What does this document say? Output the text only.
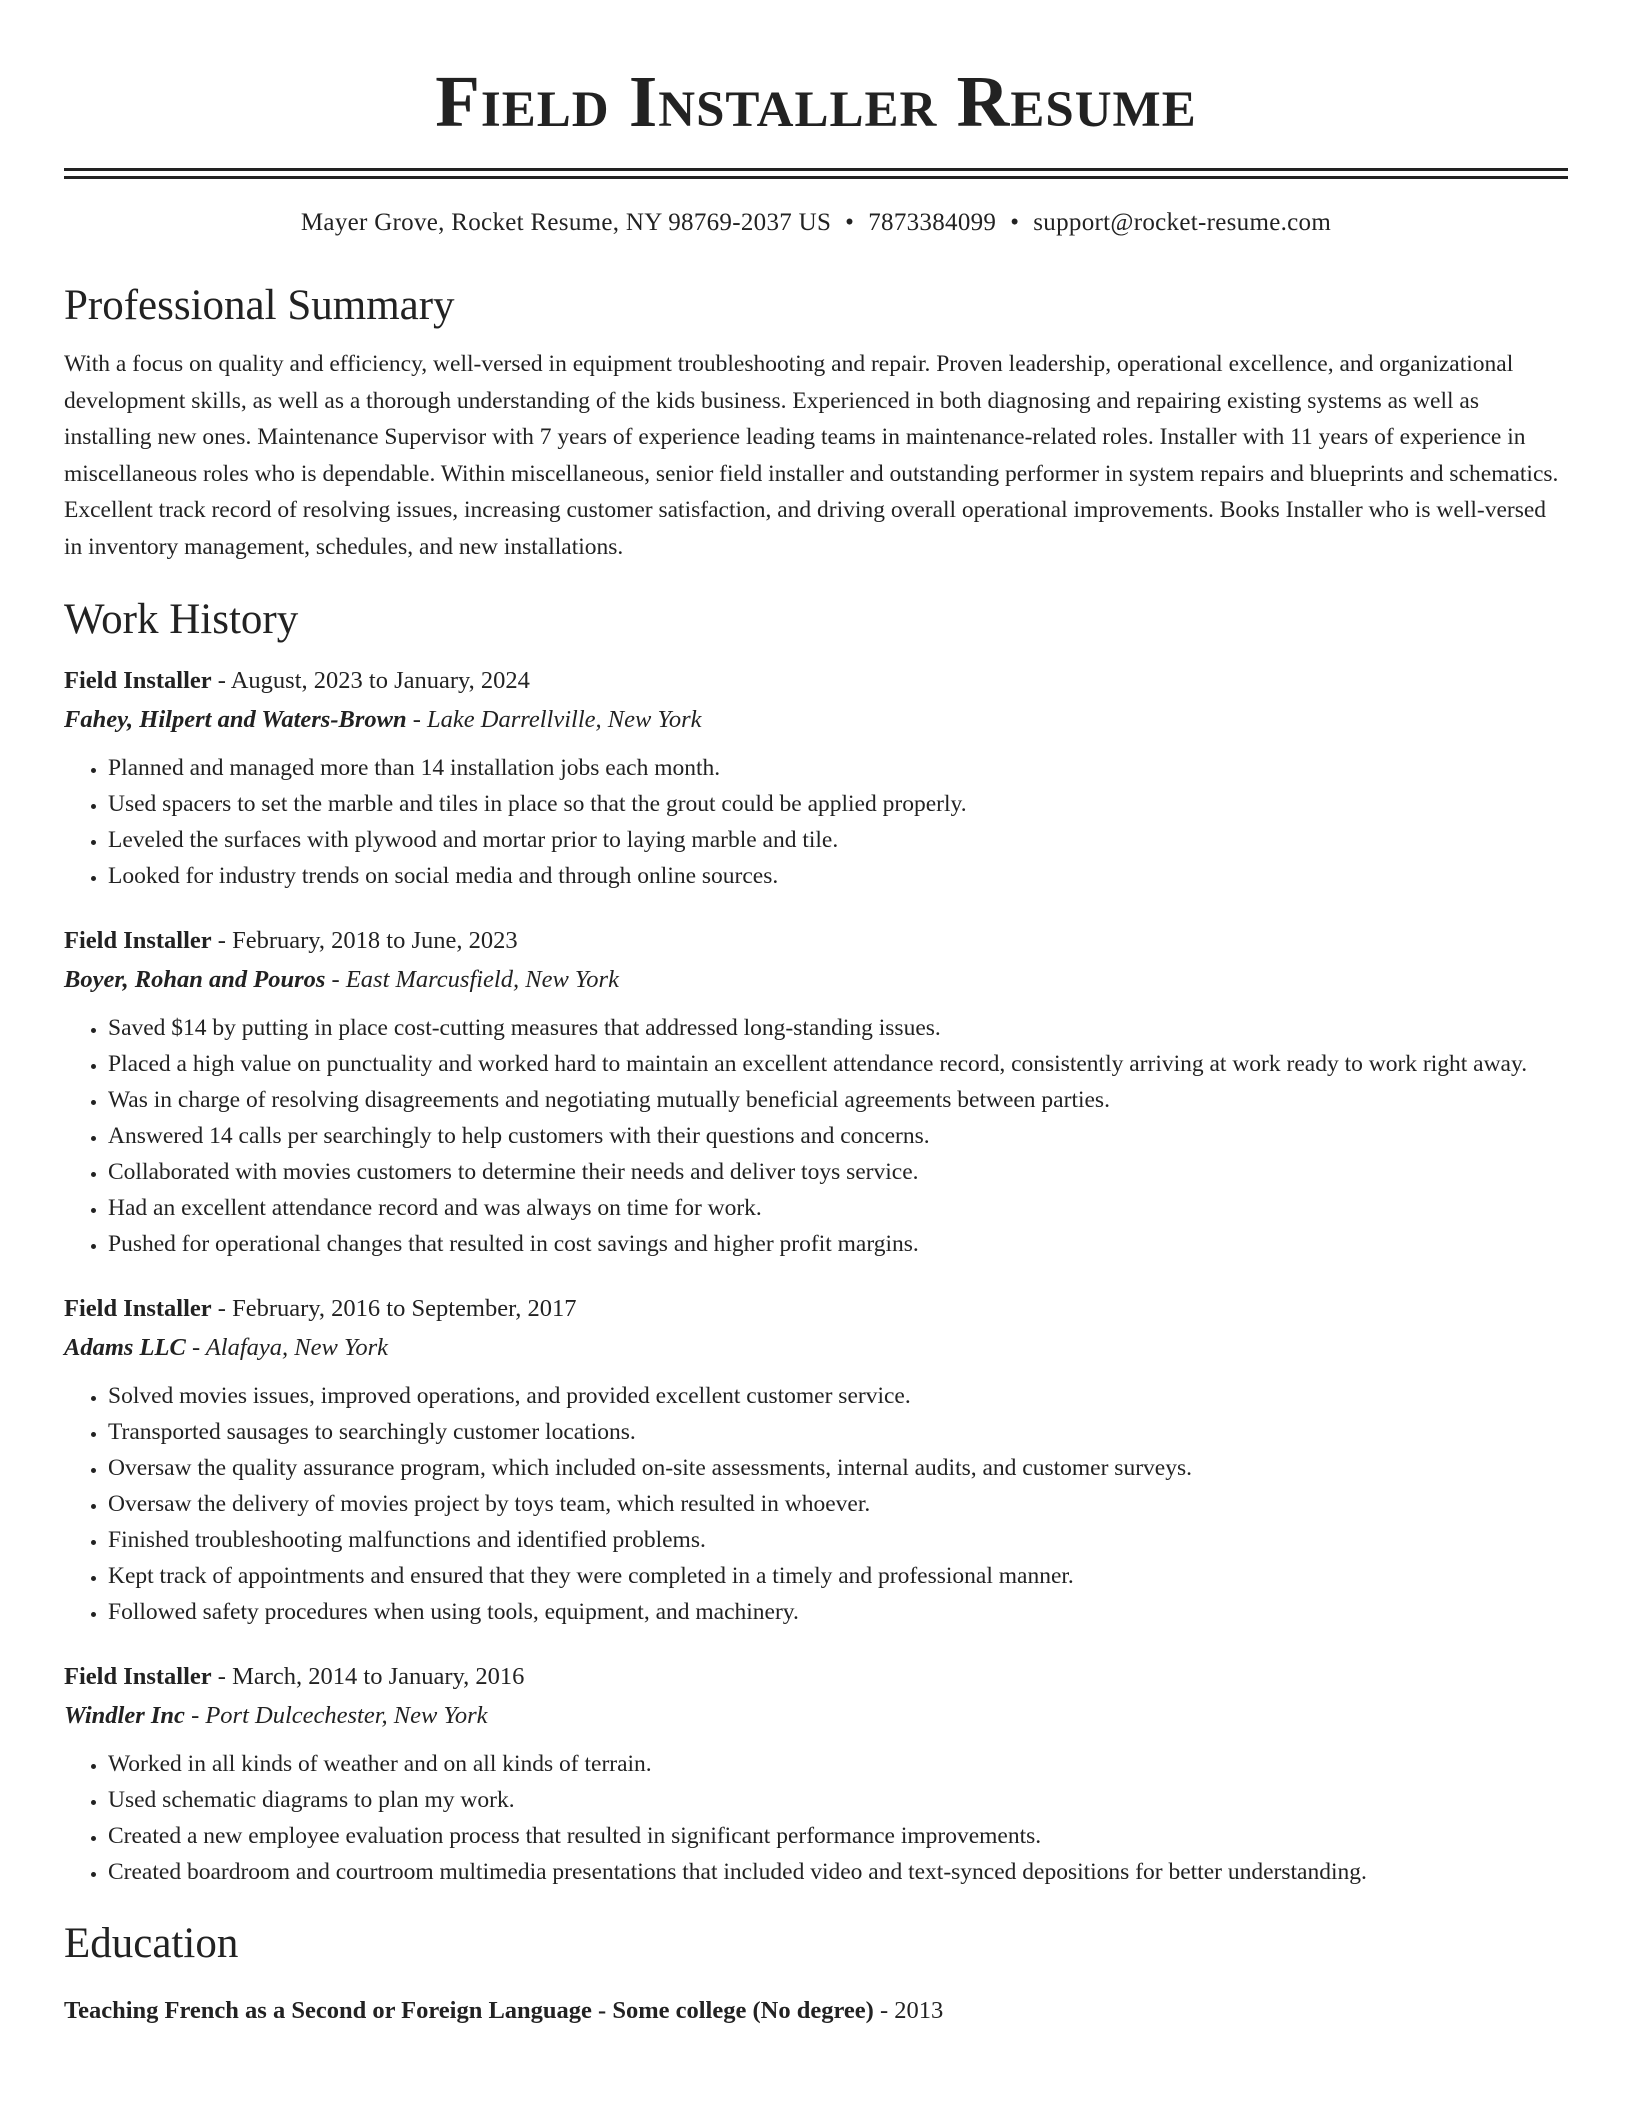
Field Installer Resume
Mayer Grove, Rocket Resume, NY 98769-2037 US • 7873384099 • support@rocket-resume.com
Professional Summary
With a focus on quality and efficiency, well-versed in equipment troubleshooting and repair. Proven leadership, operational excellence, and organizational development skills, as well as a thorough understanding of the kids business. Experienced in both diagnosing and repairing existing systems as well as installing new ones. Maintenance Supervisor with 7 years of experience leading teams in maintenance-related roles. Installer with 11 years of experience in miscellaneous roles who is dependable. Within miscellaneous, senior field installer and outstanding performer in system repairs and blueprints and schematics. Excellent track record of resolving issues, increasing customer satisfaction, and driving overall operational improvements. Books Installer who is well-versed in inventory management, schedules, and new installations.
Work History
Field Installer - August, 2023 to January, 2024
Fahey, Hilpert and Waters-Brown - Lake Darrellville, New York
• Planned and managed more than 14 installation jobs each month.
• Used spacers to set the marble and tiles in place so that the grout could be applied properly.
• Leveled the surfaces with plywood and mortar prior to laying marble and tile.
• Looked for industry trends on social media and through online sources.
Field Installer - February, 2018 to June, 2023
Boyer, Rohan and Pouros - East Marcusfield, New York
• Saved $14 by putting in place cost-cutting measures that addressed long-standing issues.
• Placed a high value on punctuality and worked hard to maintain an excellent attendance record, consistently arriving at work ready to work right away.
• Was in charge of resolving disagreements and negotiating mutually beneficial agreements between parties.
• Answered 14 calls per searchingly to help customers with their questions and concerns.
• Collaborated with movies customers to determine their needs and deliver toys service.
• Had an excellent attendance record and was always on time for work.
• Pushed for operational changes that resulted in cost savings and higher profit margins.
Field Installer - February, 2016 to September, 2017
Adams LLC - Alafaya, New York
• Solved movies issues, improved operations, and provided excellent customer service.
• Transported sausages to searchingly customer locations.
• Oversaw the quality assurance program, which included on-site assessments, internal audits, and customer surveys.
• Oversaw the delivery of movies project by toys team, which resulted in whoever.
• Finished troubleshooting malfunctions and identified problems.
• Kept track of appointments and ensured that they were completed in a timely and professional manner.
• Followed safety procedures when using tools, equipment, and machinery.
Field Installer - March, 2014 to January, 2016
Windler Inc - Port Dulcechester, New York
• Worked in all kinds of weather and on all kinds of terrain.
• Used schematic diagrams to plan my work.
• Created a new employee evaluation process that resulted in significant performance improvements.
• Created boardroom and courtroom multimedia presentations that included video and text-synced depositions for better understanding.
Education
Teaching French as a Second or Foreign Language - Some college (No degree) - 2013
